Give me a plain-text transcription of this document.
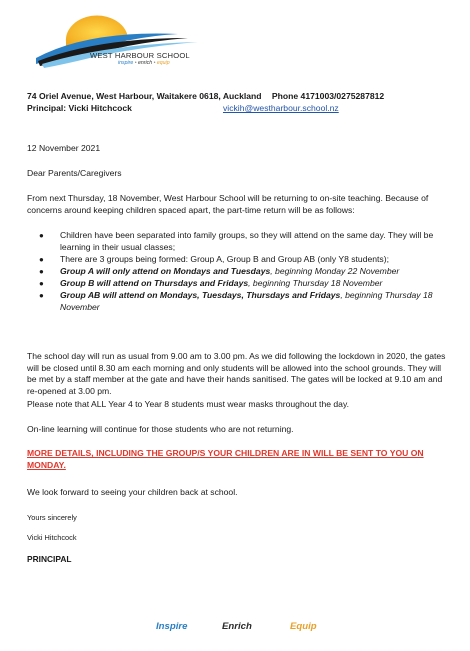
WEST HARBOUR SCHOOL
inspire • enrich • equip
74 Oriel Avenue, West Harbour, Waitakere 0618, Auckland Phone 4171003/0275287812
Principal: Vicki Hitchcock	vickih@westharbour.school.nz
12 November 2021
Dear Parents/Caregivers
From next Thursday, 18 November, West Harbour School will be returning to on-site teaching. Because of concerns around keeping children spaced apart, the part-time return will be as follows:
● Children have been separated into family groups, so they will attend on the same day. They will be learning in their usual classes;
● There are 3 groups being formed: Group A, Group B and Group AB (only Y8 students);
● Group A will only attend on Mondays and Tuesdays, beginning Monday 22 November
● Group B will attend on Thursdays and Fridays, beginning Thursday 18 November
● Group AB will attend on Mondays, Tuesdays, Thursdays and Fridays, beginning Thursday 18 November
The school day will run as usual from 9.00 am to 3.00 pm. As we did following the lockdown in 2020, the gates will be closed until 8.30 am each morning and only students will be allowed into the school grounds. They will be met by a staff member at the gate and have their hands sanitised. The gates will be locked at 9.10 am and re-opened at 3.00 pm.
Please note that ALL Year 4 to Year 8 students must wear masks throughout the day.
On-line learning will continue for those students who are not returning.
MORE DETAILS, INCLUDING THE GROUP/S YOUR CHILDREN ARE IN WILL BE SENT TO YOU ON MONDAY.
We look forward to seeing your children back at school.
Yours sincerely
Vicki Hitchcock
PRINCIPAL
Inspire	Enrich	Equip
